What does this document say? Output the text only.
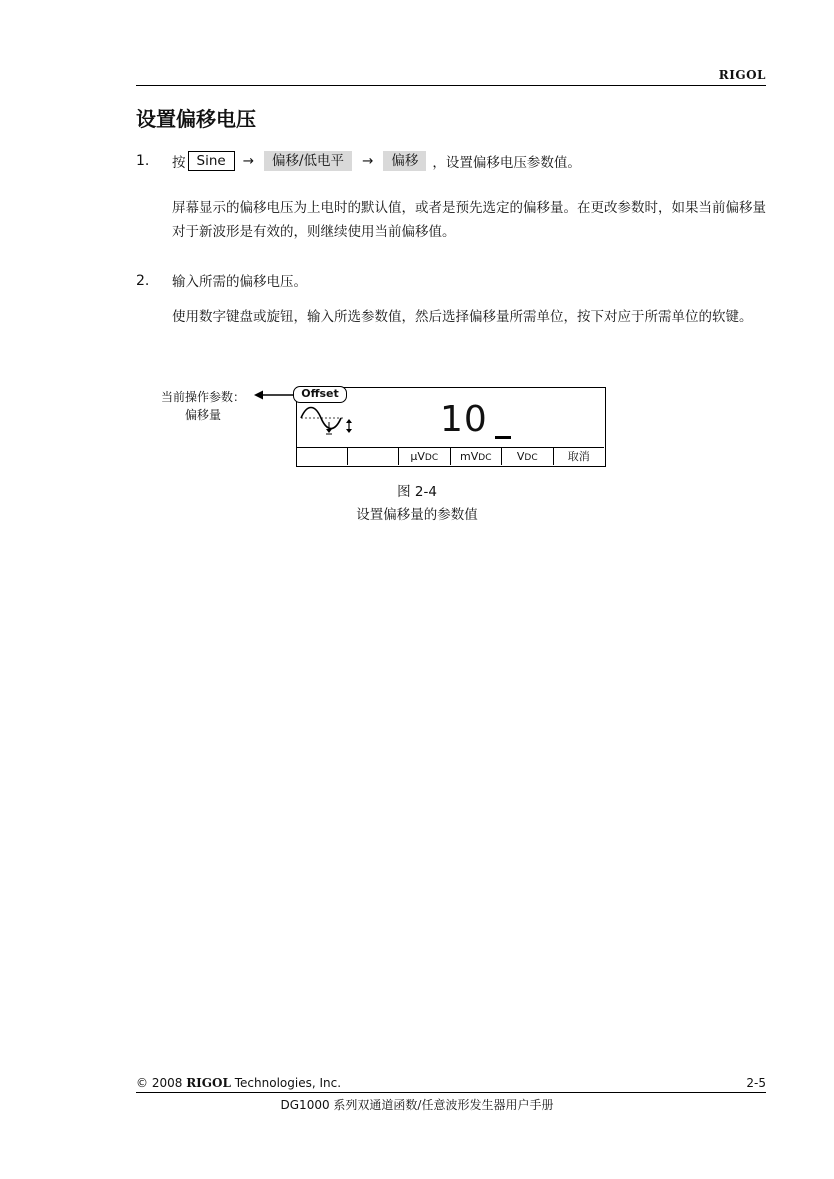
RIGOL
设置偏移电压
1. 按 Sine	→	偏移/低电平	→	偏移	，设置偏移电压参数值。
屏幕显示的偏移电压为上电时的默认值，或者是预先选定的偏移量。在更改参数时，如果当前偏移量对于新波形是有效的，则继续使用当前偏移值。
2. 输入所需的偏移电压。
使用数字键盘或旋钮，输入所选参数值，然后选择偏移量所需单位，按下对应于所需单位的软键。
当前操作参数：
偏移量
Offset
10
μVDC	mVDC	VDC	取消
图 2-4
设置偏移量的参数值
© 2008 RIGOL Technologies, Inc.	2-5
DG1000 系列双通道函数/任意波形发生器用户手册
